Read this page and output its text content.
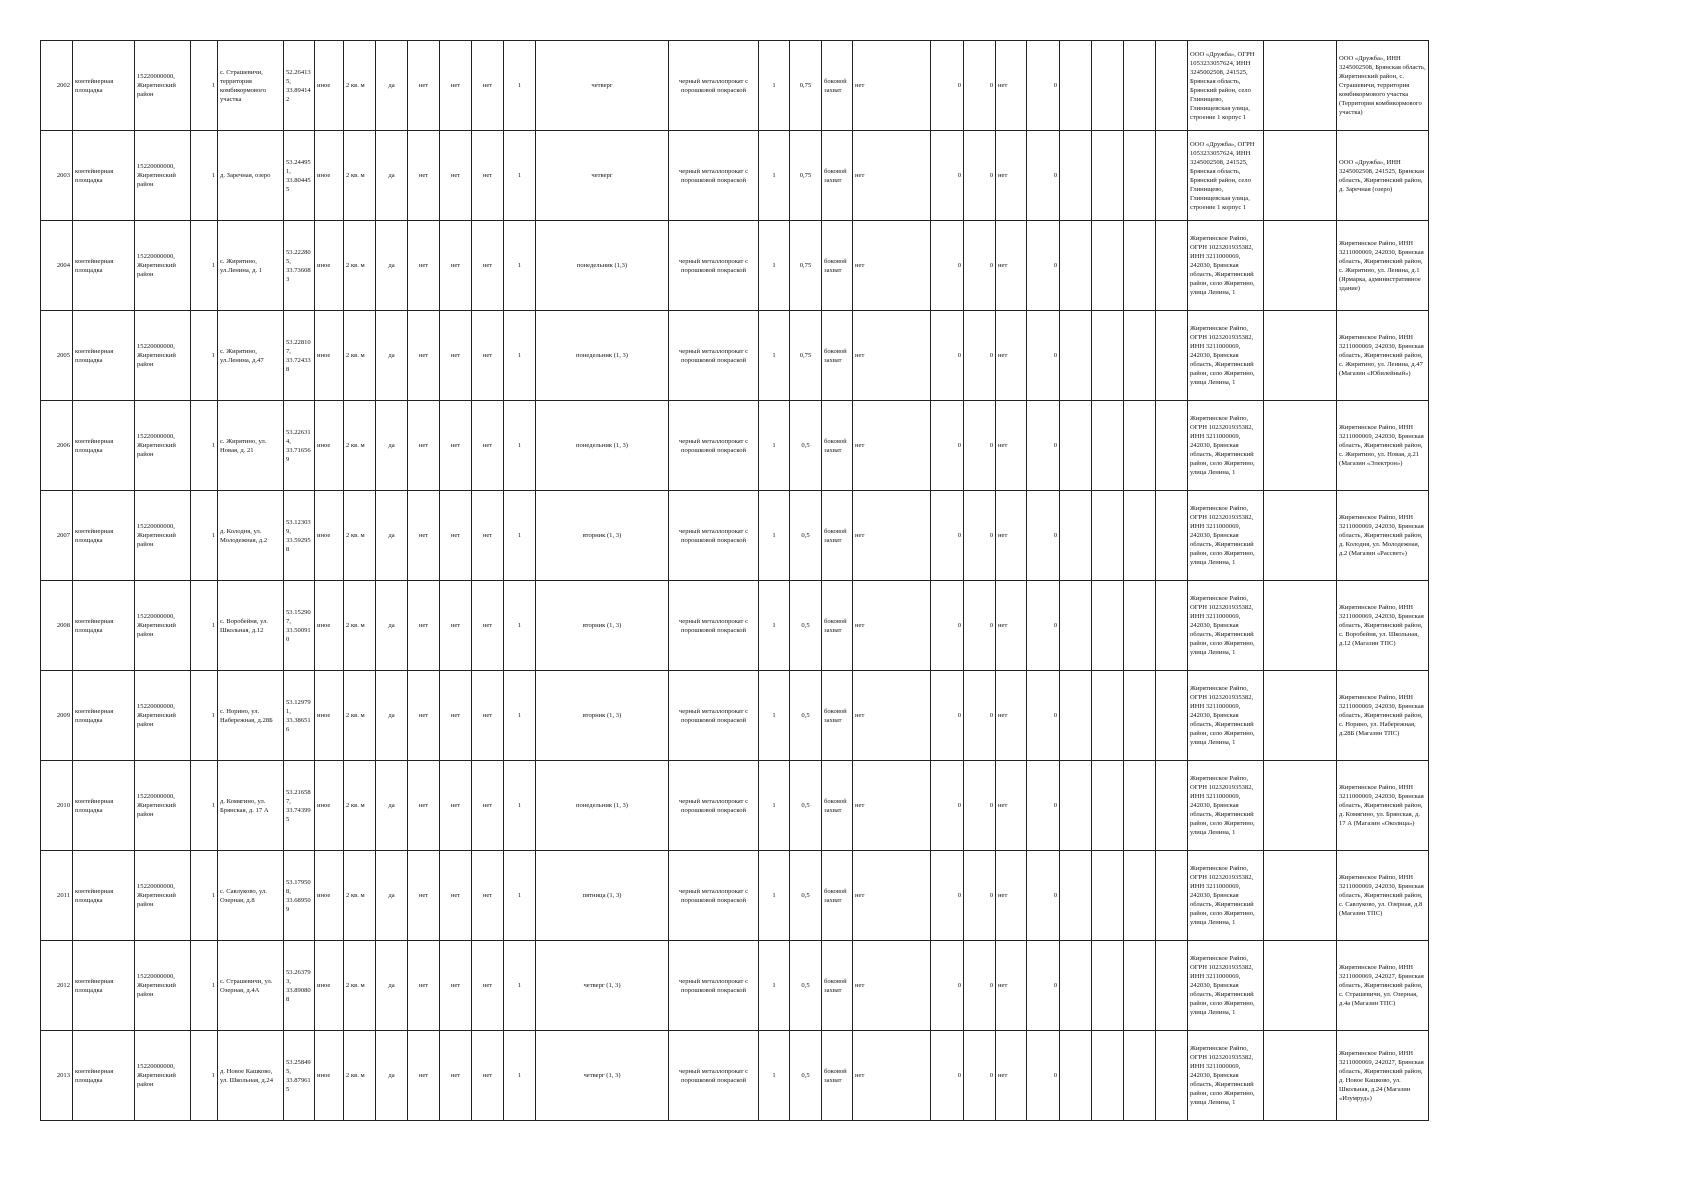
2002	контейнерная площадка	15220000000, Жирятинский район	1	с. Страшевичи, территория комбикормового участка	52.26413 5, 33.89414 2	иное	2 кв. м	да	нет	нет	нет	1	четверг	черный металлопрокат с порошковой покраской	1	0,75	боковой захват	нет	0	0	нет	0					ООО «Дружба», ОГРН 1053233057624, ИНН 3245002508, 241525, Брянская область, Брянский район, село Глинищево, Глинищевская улица, строение 1 корпус 1		ООО «Дружба», ИНН 3245002508, Брянская область, Жирятинский район, с. Страшевичи, территория комбикормового участка (Территория комбикормового участка)
2003	контейнерная площадка	15220000000, Жирятинский район	1	д. Заречная, озеро	53.24495 1, 33.80445 5	иное	2 кв. м	да	нет	нет	нет	1	четверг	черный металлопрокат с порошковой покраской	1	0,75	боковой захват	нет	0	0	нет	0					ООО «Дружба», ОГРН 1053233057624, ИНН 3245002508, 241525, Брянская область, Брянский район, село Глинищево, Глинищевская улица, строение 1 корпус 1		ООО «Дружба», ИНН 3245002508, 241525, Брянская область, Жирятинский район, д. Заречная (озеро)
2004	контейнерная площадка	15220000000, Жирятинский район	1	с. Жирятино, ул.Ленина, д. 1	53.22280 5, 33.73608 3	иное	2 кв. м	да	нет	нет	нет	1	понедельник (1,3)	черный металлопрокат с порошковой покраской	1	0,75	боковой захват	нет	0	0	нет	0					Жирятинское Райпо, ОГРН 1023201935382, ИНН 3211000069, 242030, Брянская область, Жирятинский район, село Жирятино, улица Ленина, 1		Жирятинское Райпо, ИНН 3211000069, 242030, Брянская область, Жирятинский район, с. Жирятино, ул. Ленина, д.1 (Ярмарка, административное здание)
2005	контейнерная площадка	15220000000, Жирятинский район	1	с. Жирятино, ул.Ленина, д.47	53.22810 7, 33.72433 8	иное	2 кв. м	да	нет	нет	нет	1	понедельник (1, 3)	черный металлопрокат с порошковой покраской	1	0,75	боковой захват	нет	0	0	нет	0					Жирятинское Райпо, ОГРН 1023201935382, ИНН 3211000069, 242030, Брянская область, Жирятинский район, село Жирятино, улица Ленина, 1		Жирятинское Райпо, ИНН 3211000069, 242030, Брянская область, Жирятинский район, с. Жирятино, ул. Ленина, д.47 (Магазин «Юбилейный»)
2006	контейнерная площадка	15220000000, Жирятинский район	1	с. Жирятино, ул. Новая, д. 21	53.22631 4, 33.71656 9	иное	2 кв. м	да	нет	нет	нет	1	понедельник (1, 3)	черный металлопрокат с порошковой покраской	1	0,5	боковой захват	нет	0	0	нет	0					Жирятинское Райпо, ОГРН 1023201935382, ИНН 3211000069, 242030, Брянская область, Жирятинский район, село Жирятино, улица Ленина, 1		Жирятинское Райпо, ИНН 3211000069, 242030, Брянская область, Жирятинский район, с. Жирятино, ул. Новая, д.21 (Магазин «Электрон»)
2007	контейнерная площадка	15220000000, Жирятинский район	1	д. Колодня, ул. Молодежная, д.2	53.12303 9, 33.59295 8	иное	2 кв. м	да	нет	нет	нет	1	вторник (1, 3)	черный металлопрокат с порошковой покраской	1	0,5	боковой захват	нет	0	0	нет	0					Жирятинское Райпо, ОГРН 1023201935382, ИНН 3211000069, 242030, Брянская область, Жирятинский район, село Жирятино, улица Ленина, 1		Жирятинское Райпо, ИНН 3211000069, 242030, Брянская область, Жирятинский район, д. Колодня, ул. Молодежная, д.2 (Магазин «Рассвет»)
2008	контейнерная площадка	15220000000, Жирятинский район	1	с. Воробейня, ул. Школьная, д.12	53.15290 7, 33.50091 0	иное	2 кв. м	да	нет	нет	нет	1	вторник (1, 3)	черный металлопрокат с порошковой покраской	1	0,5	боковой захват	нет	0	0	нет	0					Жирятинское Райпо, ОГРН 1023201935382, ИНН 3211000069, 242030, Брянская область, Жирятинский район, село Жирятино, улица Ленина, 1		Жирятинское Райпо, ИНН 3211000069, 242030, Брянская область, Жирятинский район, с. Воробейня, ул. Школьная, д.12 (Магазин ТПС)
2009	контейнерная площадка	15220000000, Жирятинский район	1	с. Норино, ул. Набережная, д.28Б	53.12979 1, 33.38651 6	иное	2 кв. м	да	нет	нет	нет	1	вторник (1, 3)	черный металлопрокат с порошковой покраской	1	0,5	боковой захват	нет	0	0	нет	0					Жирятинское Райпо, ОГРН 1023201935382, ИНН 3211000069, 242030, Брянская область, Жирятинский район, село Жирятино, улица Ленина, 1		Жирятинское Райпо, ИНН 3211000069, 242030, Брянская область, Жирятинский район, с. Норино, ул. Набережная, д.28Б (Магазин ТПС)
2010	контейнерная площадка	15220000000, Жирятинский район	1	д. Комягино, ул. Брянская, д. 17 А	53.21658 7, 33.74399 5	иное	2 кв. м	да	нет	нет	нет	1	понедельник (1, 3)	черный металлопрокат с порошковой покраской	1	0,5	боковой захват	нет	0	0	нет	0					Жирятинское Райпо, ОГРН 1023201935382, ИНН 3211000069, 242030, Брянская область, Жирятинский район, село Жирятино, улица Ленина, 1		Жирятинское Райпо, ИНН 3211000069, 242030, Брянская область, Жирятинский район, д. Комягино, ул. Брянская, д. 17 А (Магазин «Околица»)
2011	контейнерная площадка	15220000000, Жирятинский район	1	с. Савлуково, ул. Озерная, д.8	53.17950 8, 33.68950 9	иное	2 кв. м	да	нет	нет	нет	1	пятница (1, 3)	черный металлопрокат с порошковой покраской	1	0,5	боковой захват	нет	0	0	нет	0					Жирятинское Райпо, ОГРН 1023201935382, ИНН 3211000069, 242030, Брянская область, Жирятинский район, село Жирятино, улица Ленина, 1		Жирятинское Райпо, ИНН 3211000069, 242030, Брянская область, Жирятинский район, с. Савлуково, ул. Озерная, д.8 (Магазин ТПС)
2012	контейнерная площадка	15220000000, Жирятинский район	1	с. Страшевичи, ул. Озерная, д.4А	53.26379 3, 33.89080 8	иное	2 кв. м	да	нет	нет	нет	1	четверг (1, 3)	черный металлопрокат с порошковой покраской	1	0,5	боковой захват	нет	0	0	нет	0					Жирятинское Райпо, ОГРН 1023201935382, ИНН 3211000069, 242030, Брянская область, Жирятинский район, село Жирятино, улица Ленина, 1		Жирятинское Райпо, ИНН 3211000069, 242027, Брянская область, Жирятинский район, с. Страшевичи, ул. Озерная, д.4а (Магазин ТПС)
2013	контейнерная площадка	15220000000, Жирятинский район	1	д. Новое Кашково, ул. Школьная, д.24	53.25849 5, 33.87961 5	иное	2 кв. м	да	нет	нет	нет	1	четверг (1, 3)	черный металлопрокат с порошковой покраской	1	0,5	боковой захват	нет	0	0	нет	0					Жирятинское Райпо, ОГРН 1023201935382, ИНН 3211000069, 242030, Брянская область, Жирятинский район, село Жирятино, улица Ленина, 1		Жирятинское Райпо, ИНН 3211000069, 242027, Брянская область, Жирятинский район, д. Новое Кашково, ул. Школьная, д.24 (Магазин «Изумруд»)
